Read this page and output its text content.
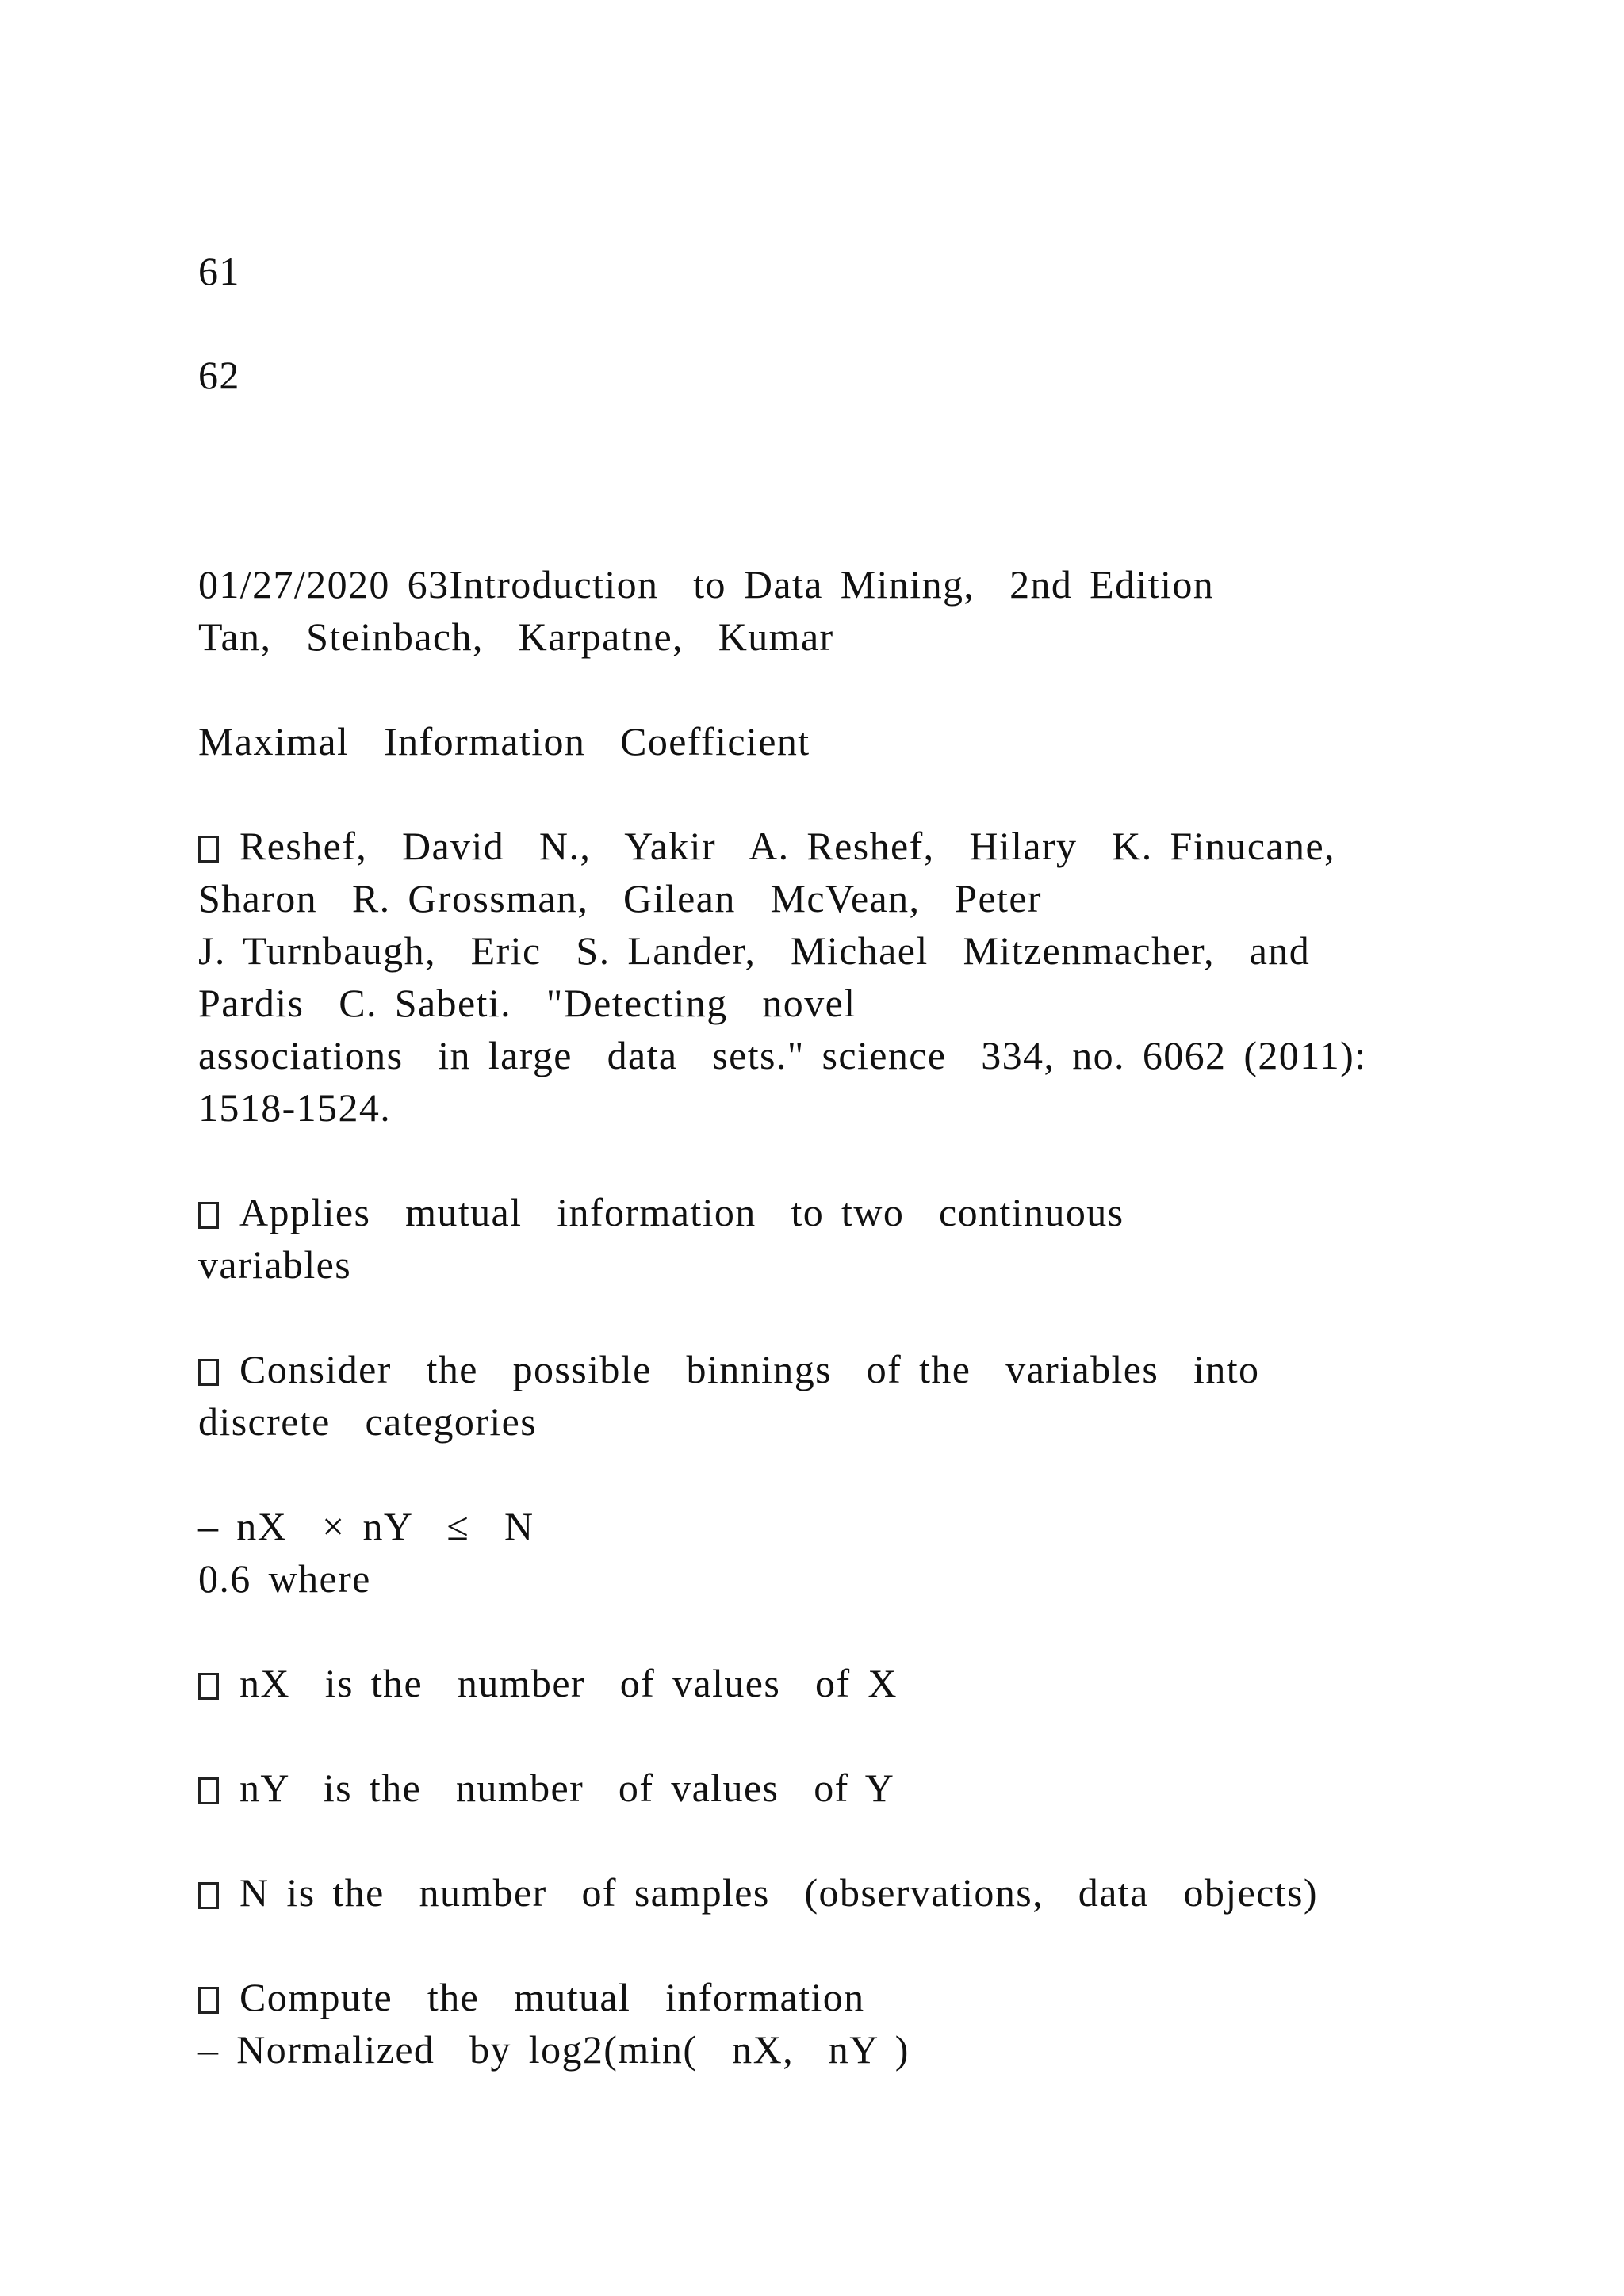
61

62

01/27/2020 63Introduction  to Data Mining,  2nd Edition

Tan,  Steinbach,  Karpatne,  Kumar

Maximal  Information  Coefficient

Reshef,  David  N.,  Yakir  A. Reshef,  Hilary  K. Finucane,

Sharon  R. Grossman,  Gilean  McVean,  Peter

J. Turnbaugh,  Eric  S. Lander,  Michael  Mitzenmacher,  and

Pardis  C. Sabeti.  "Detecting  novel

associations  in large  data  sets." science  334, no. 6062 (2011):

1518-1524.

Applies  mutual  information  to two  continuous

variables

Consider  the  possible  binnings  of the  variables  into

discrete  categories

– nX  × nY  ≤  N

0.6 where

nX  is the  number  of values  of X

nY  is the  number  of values  of Y

N is the  number  of samples  (observations,  data  objects)

Compute  the  mutual  information

– Normalized  by log2(min(  nX,  nY )
